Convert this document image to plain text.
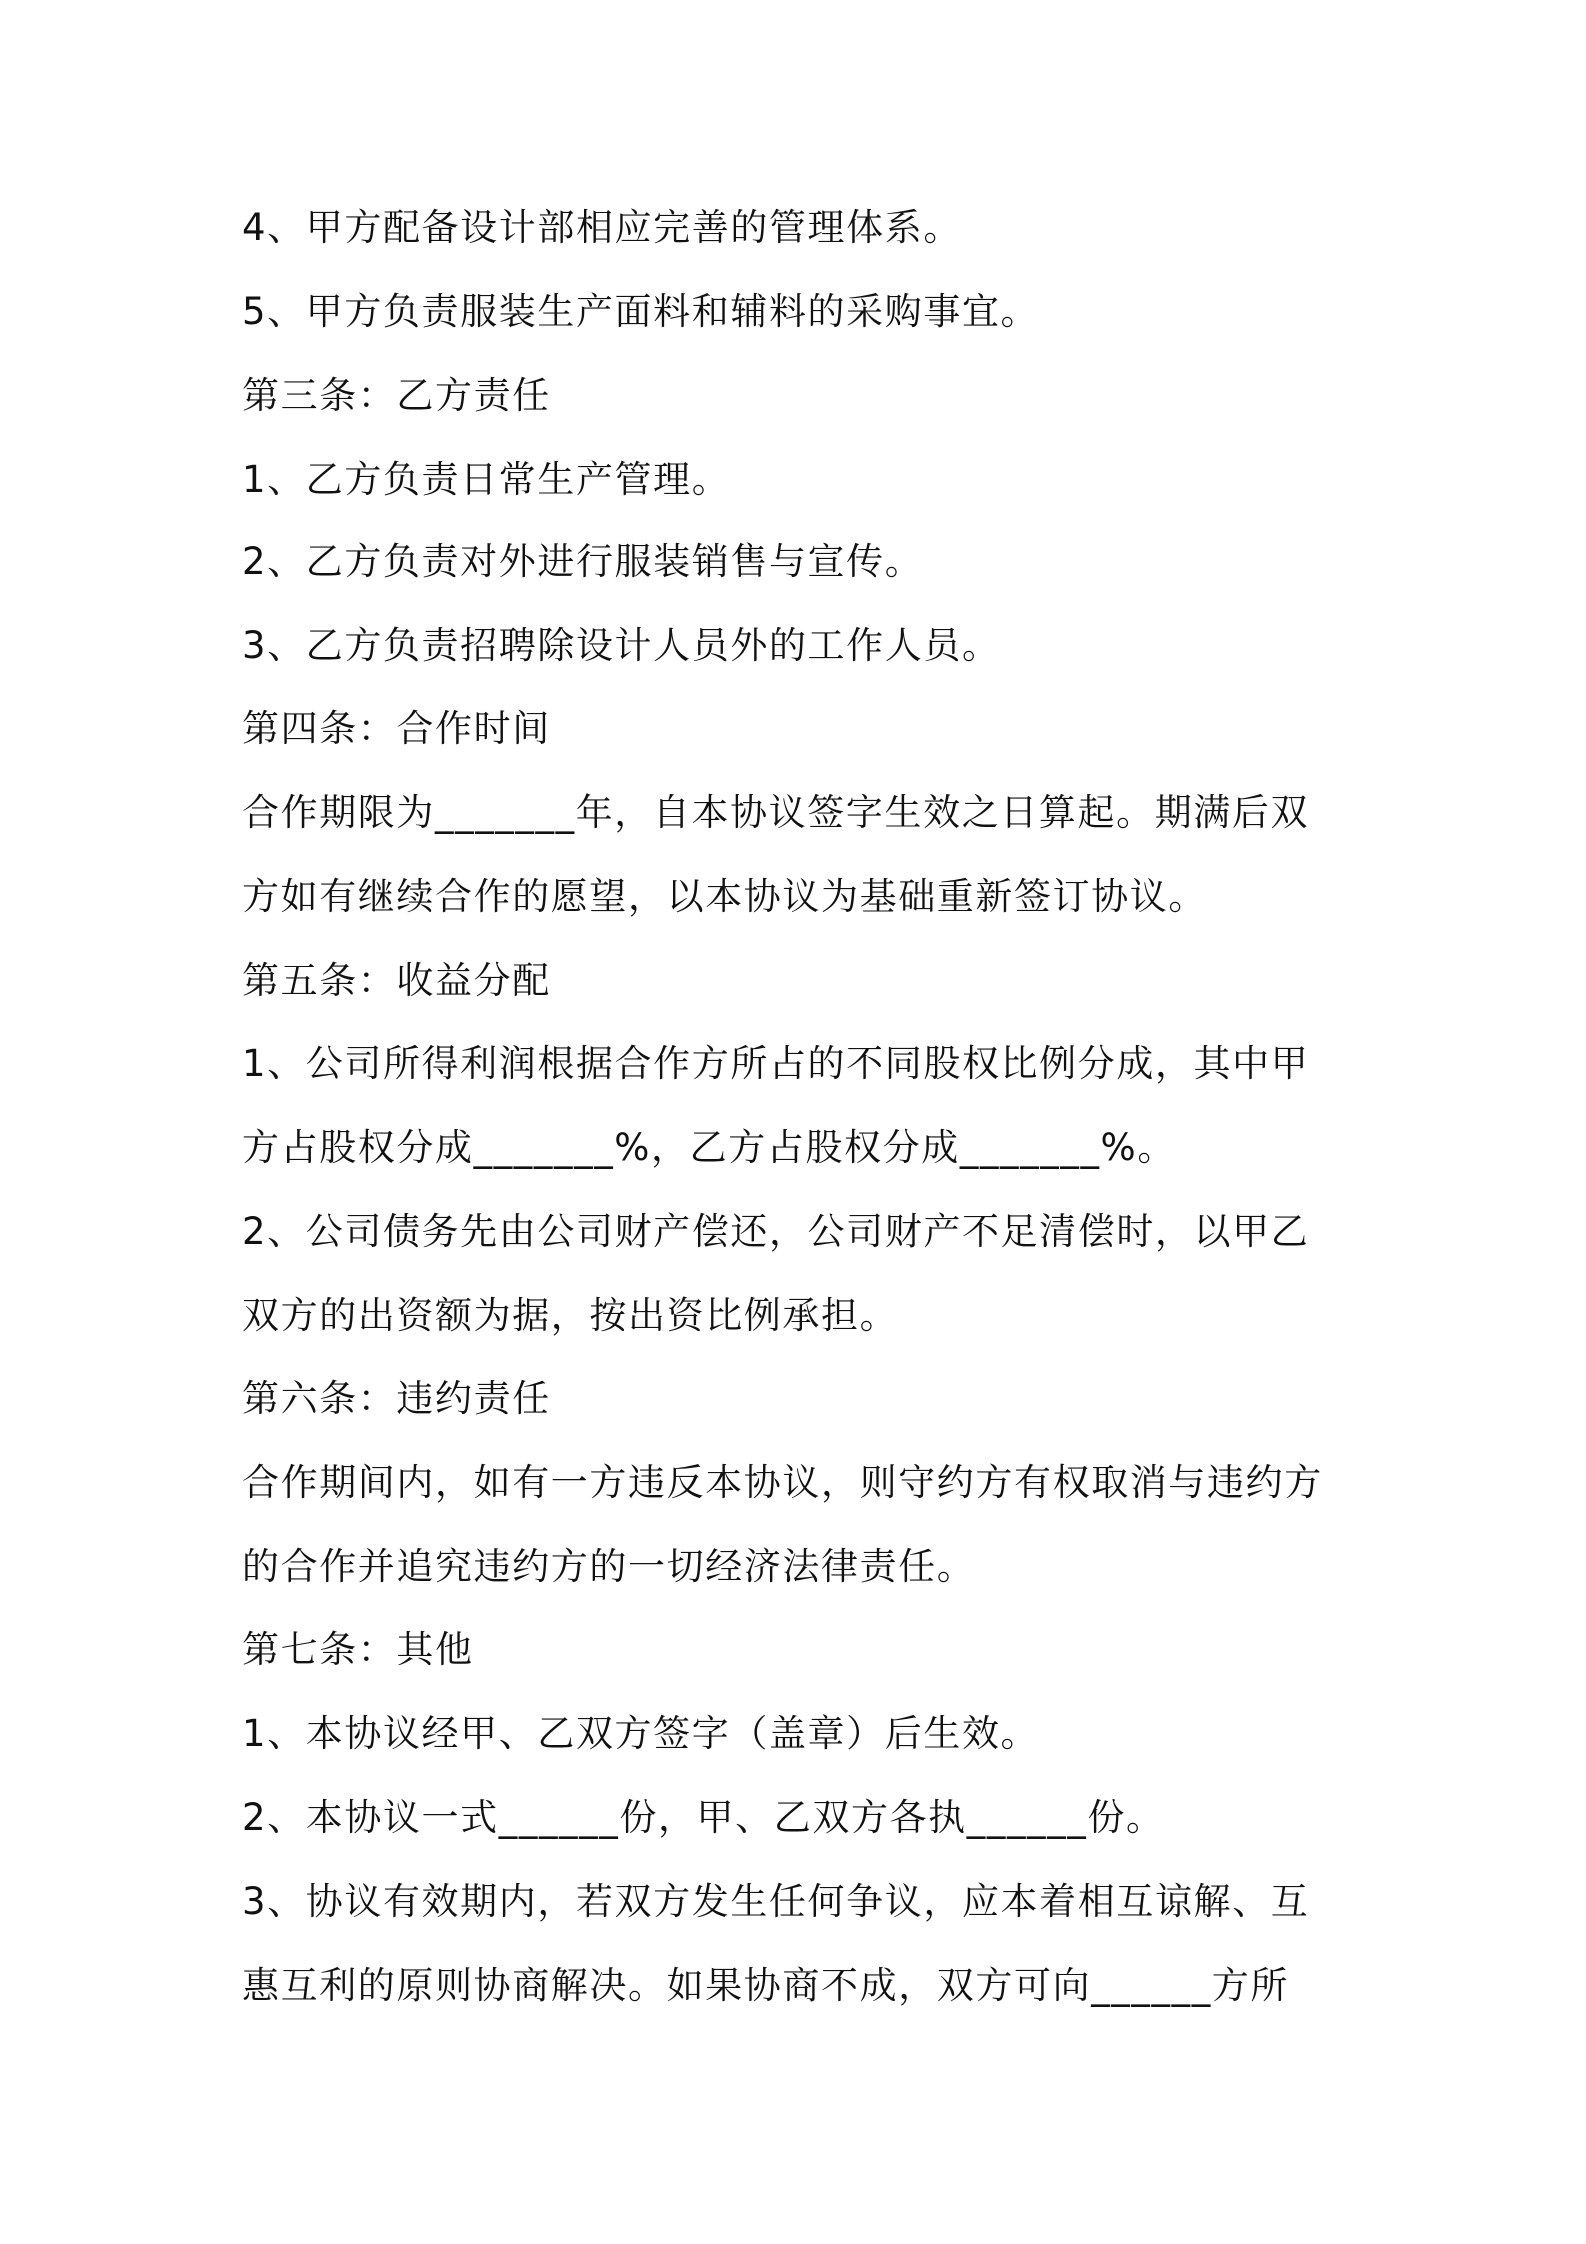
4、甲方配备设计部相应完善的管理体系。
5、甲方负责服装生产面料和辅料的采购事宜。
第三条：乙方责任
1、乙方负责日常生产管理。
2、乙方负责对外进行服装销售与宣传。
3、乙方负责招聘除设计人员外的工作人员。
第四条：合作时间
合作期限为_______年，自本协议签字生效之日算起。期满后双
方如有继续合作的愿望，以本协议为基础重新签订协议。
第五条：收益分配
1、公司所得利润根据合作方所占的不同股权比例分成，其中甲
方占股权分成_______%，乙方占股权分成_______%。
2、公司债务先由公司财产偿还，公司财产不足清偿时，以甲乙
双方的出资额为据，按出资比例承担。
第六条：违约责任
合作期间内，如有一方违反本协议，则守约方有权取消与违约方
的合作并追究违约方的一切经济法律责任。
第七条：其他
1、本协议经甲、乙双方签字（盖章）后生效。
2、本协议一式______份，甲、乙双方各执______份。
3、协议有效期内，若双方发生任何争议，应本着相互谅解、互
惠互利的原则协商解决。如果协商不成，双方可向______方所
